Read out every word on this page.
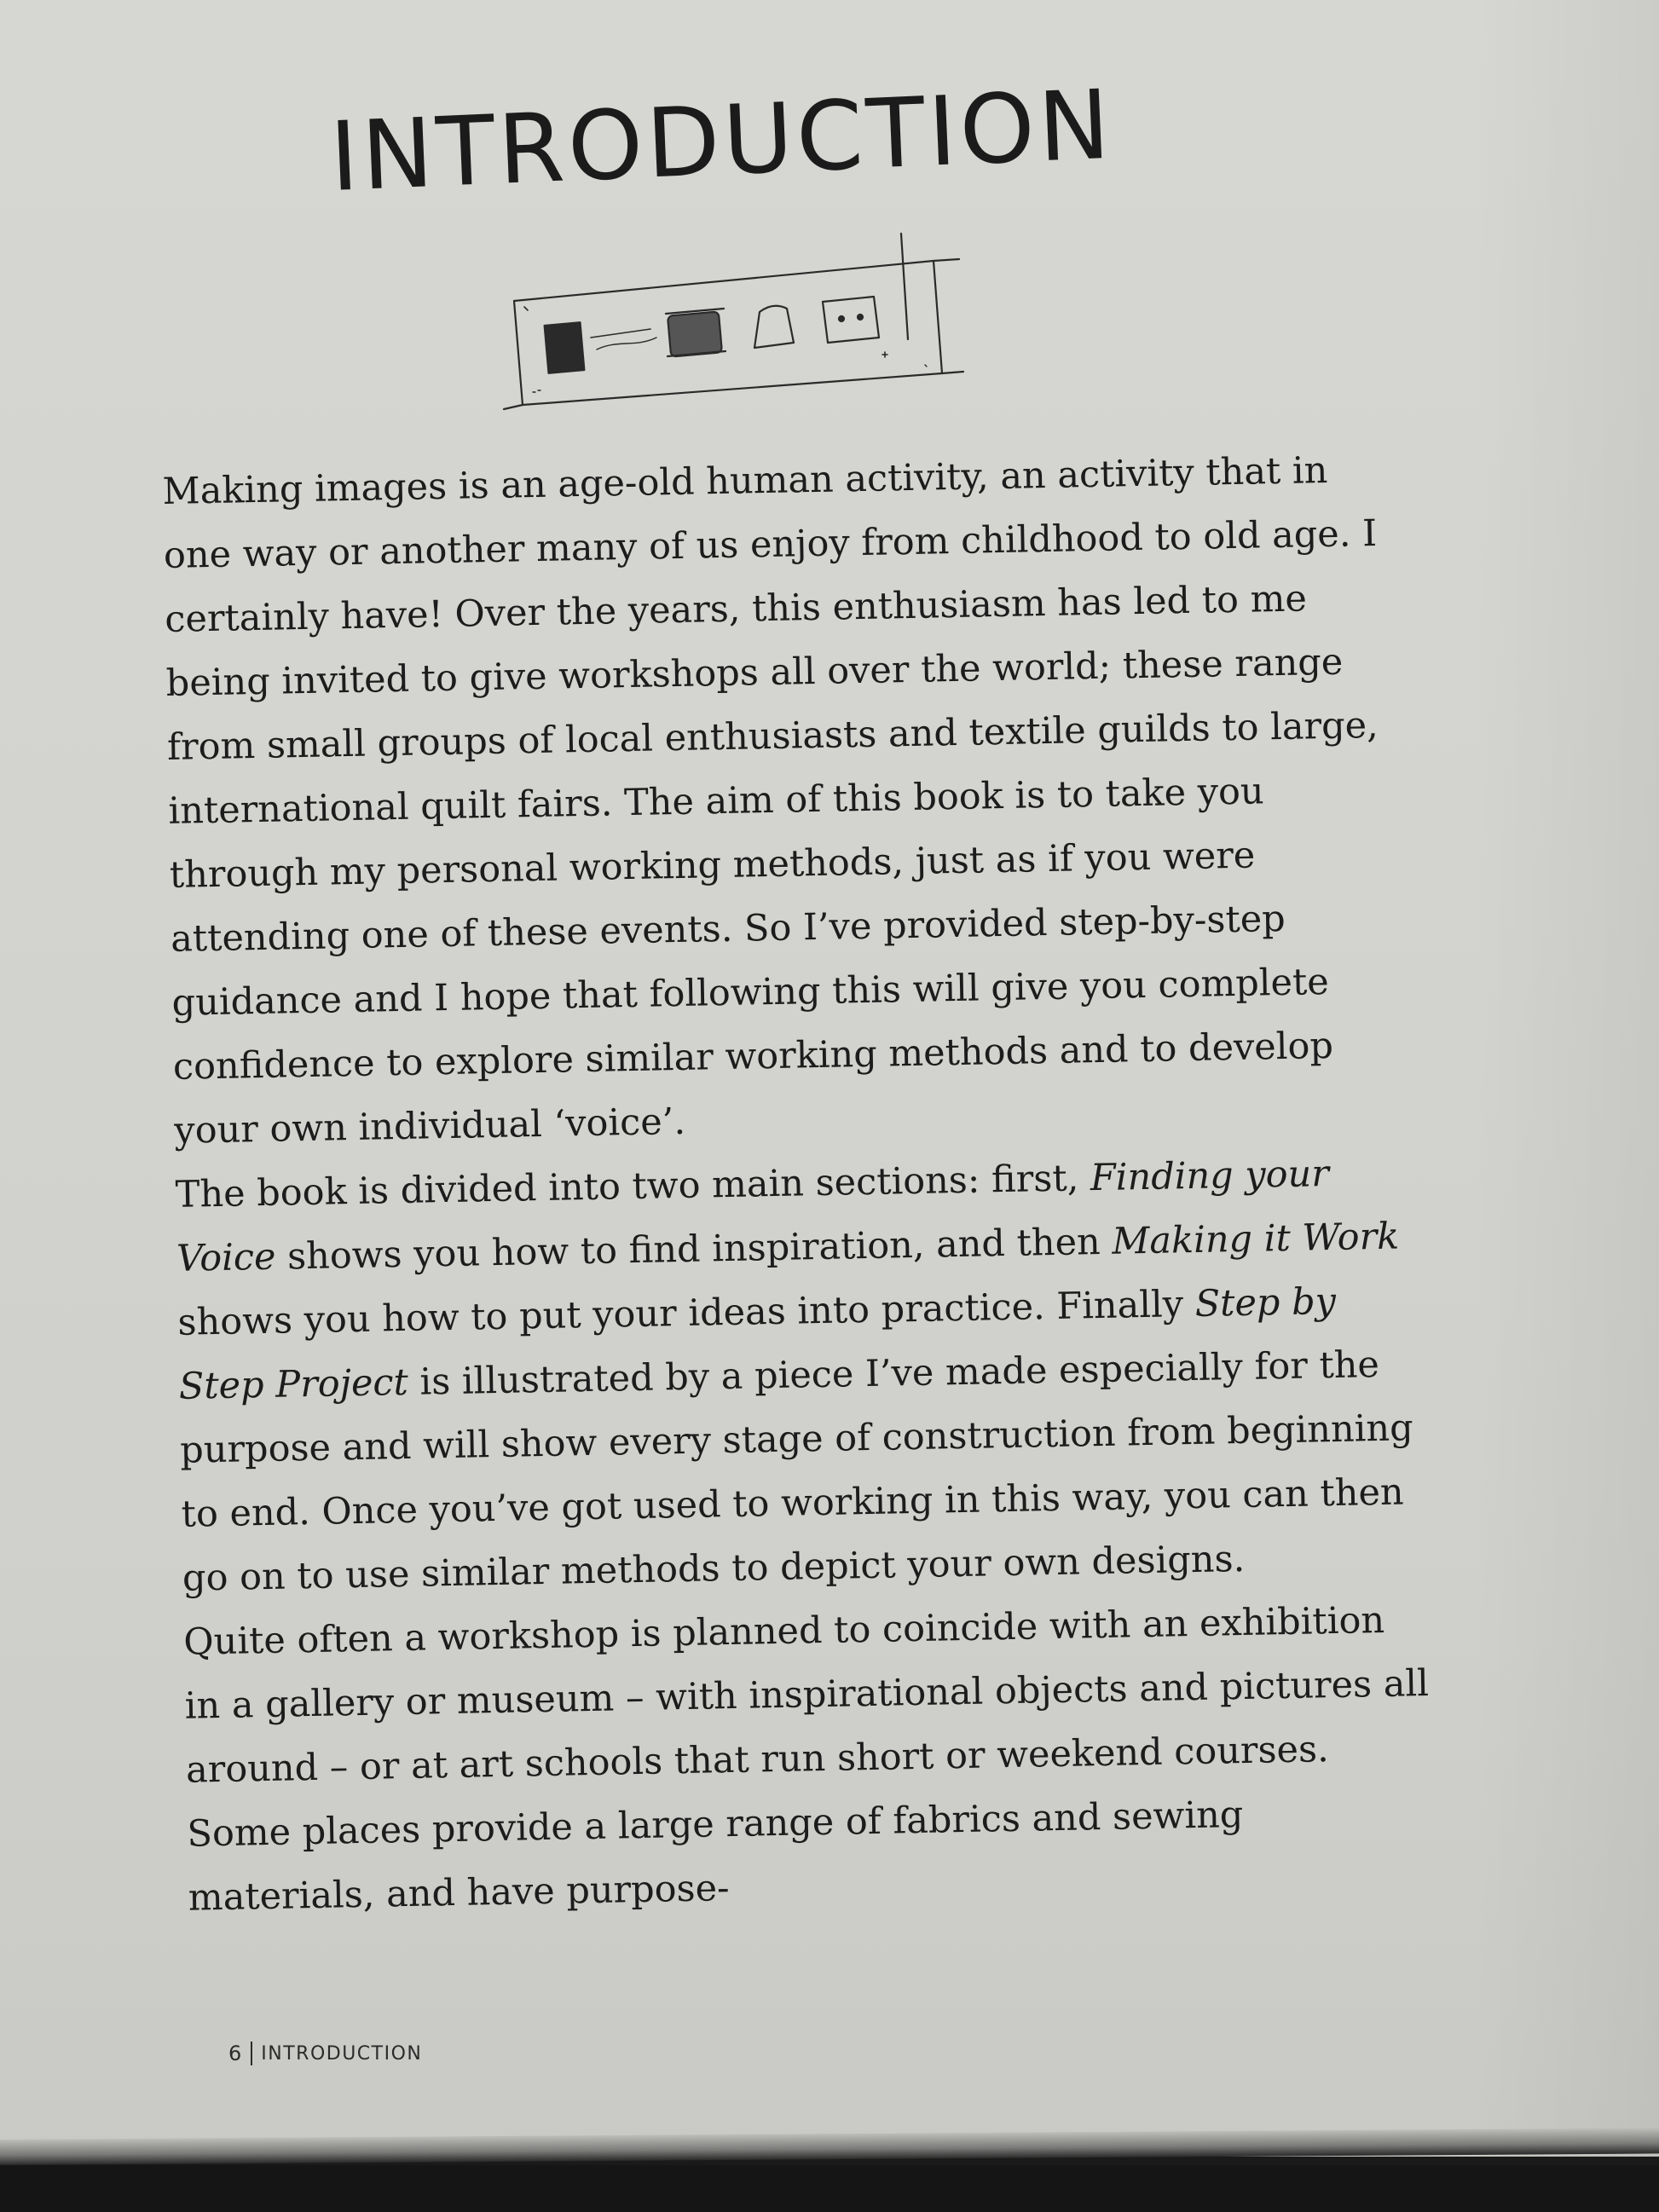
INTRODUCTION

Making images is an age-old human activity, an activity that in one way or another many of us enjoy from childhood to old age. I certainly have! Over the years, this enthusiasm has led to me being invited to give workshops all over the world; these range from small groups of local enthusiasts and textile guilds to large, international quilt fairs. The aim of this book is to take you through my personal working methods, just as if you were attending one of these events. So I’ve provided step-by-step guidance and I hope that following this will give you complete confidence to explore similar working methods and to develop your own individual ‘voice’.

The book is divided into two main sections: first, Finding your Voice shows you how to find inspiration, and then Making it Work shows you how to put your ideas into practice. Finally Step by Step Project is illustrated by a piece I’ve made especially for the purpose and will show every stage of construction from beginning to end. Once you’ve got used to working in this way, you can then go on to use similar methods to depict your own designs.

Quite often a workshop is planned to coincide with an exhibition in a gallery or museum – with inspirational objects and pictures all around – or at art schools that run short or weekend courses. Some places provide a large range of fabrics and sewing materials, and have purpose-

6 INTRODUCTION
